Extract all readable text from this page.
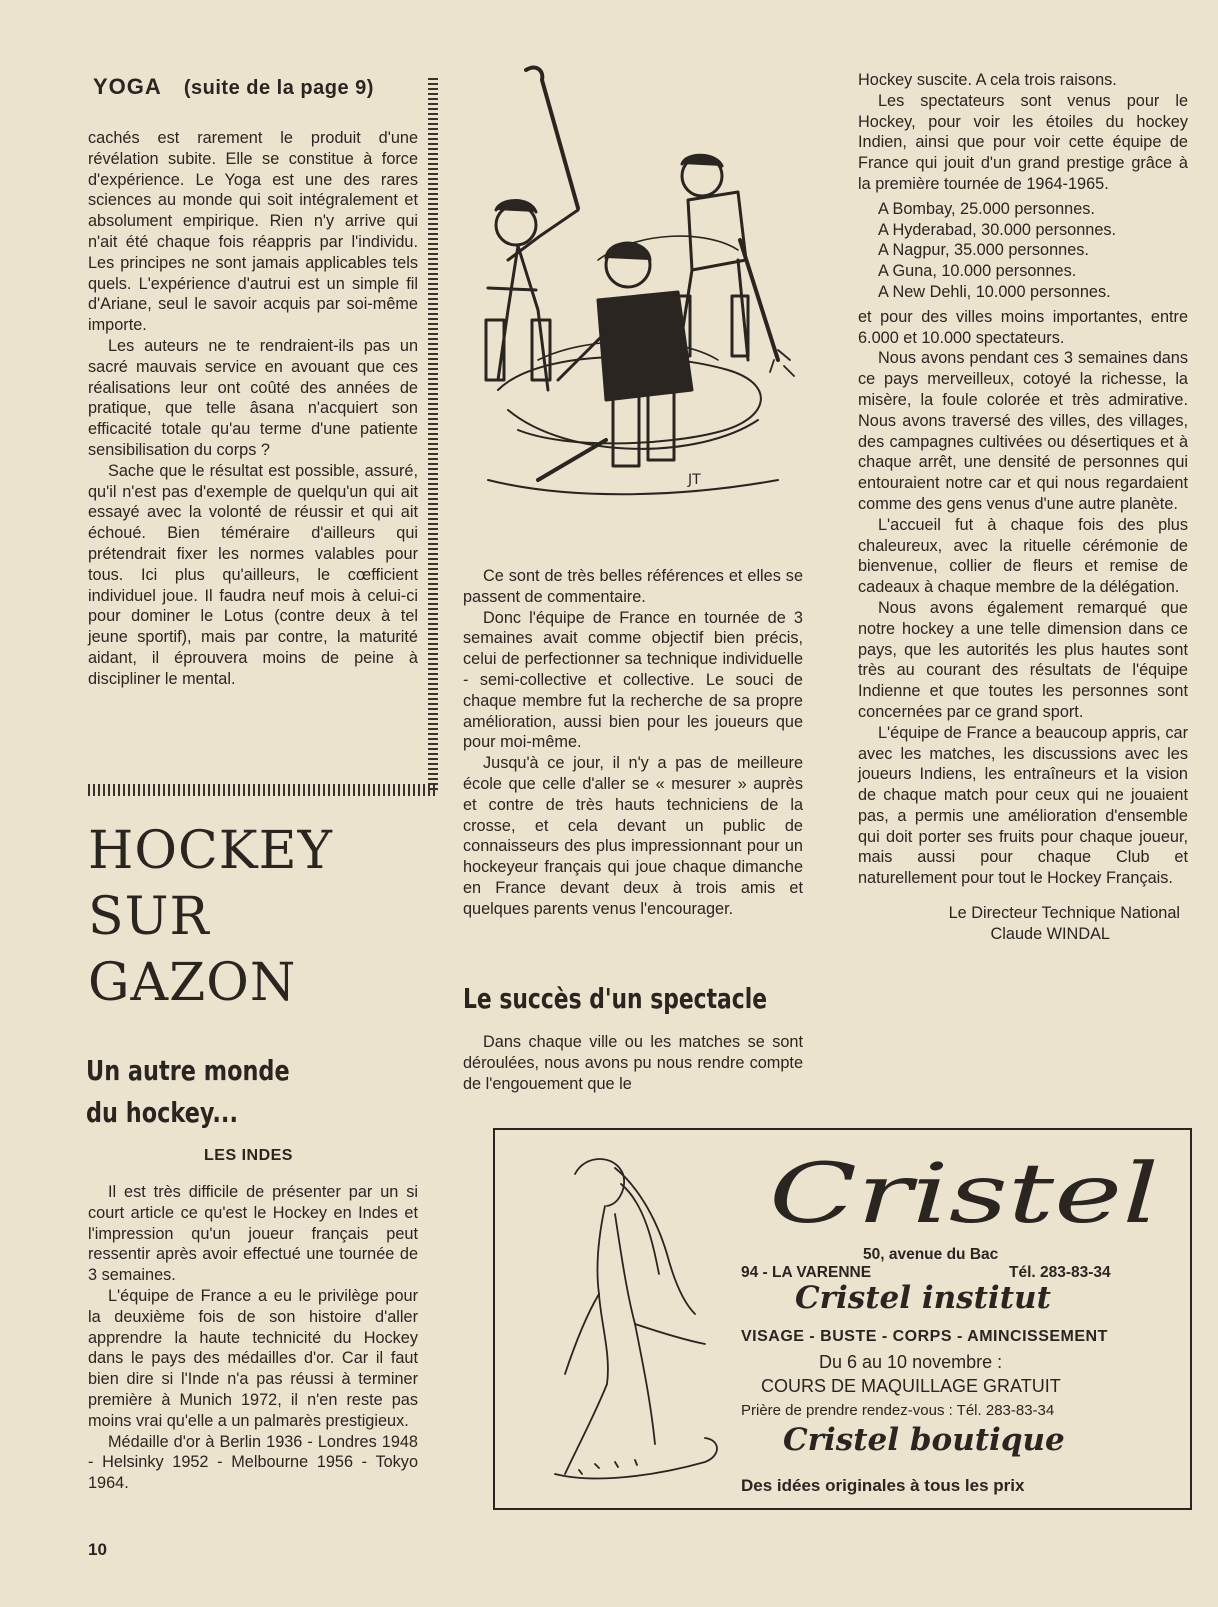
YOGA (suite de la page 9)

cachés est rarement le produit d'une révélation subite. Elle se constitue à force d'expérience. Le Yoga est une des rares sciences au monde qui soit intégralement et absolument empirique. Rien n'y arrive qui n'ait été chaque fois réappris par l'individu. Les principes ne sont jamais applicables tels quels. L'expérience d'autrui est un simple fil d'Ariane, seul le savoir acquis par soi-même importe.

Les auteurs ne te rendraient-ils pas un sacré mauvais service en avouant que ces réalisations leur ont coûté des années de pratique, que telle âsana n'acquiert son efficacité totale qu'au terme d'une patiente sensibilisation du corps ?

Sache que le résultat est possible, assuré, qu'il n'est pas d'exemple de quelqu'un qui ait essayé avec la volonté de réussir et qui ait échoué. Bien téméraire d'ailleurs qui prétendrait fixer les normes valables pour tous. Ici plus qu'ailleurs, le cœfficient individuel joue. Il faudra neuf mois à celui-ci pour dominer le Lotus (contre deux à tel jeune sportif), mais par contre, la maturité aidant, il éprouvera moins de peine à discipliner le mental.

HOCKEY
SUR
GAZON
Un autre monde
du hockey...
LES INDES

Il est très difficile de présenter par un si court article ce qu'est le Hockey en Indes et l'impression qu'un joueur français peut ressentir après avoir effectué une tournée de 3 semaines.

L'équipe de France a eu le privilège pour la deuxième fois de son histoire d'aller apprendre la haute technicité du Hockey dans le pays des médailles d'or. Car il faut bien dire si l'Inde n'a pas réussi à terminer première à Munich 1972, il n'en reste pas moins vrai qu'elle a un palmarès prestigieux.

Médaille d'or à Berlin 1936 - Londres 1948 - Helsinky 1952 - Melbourne 1956 - Tokyo 1964.

JT

Ce sont de très belles références et elles se passent de commentaire.

Donc l'équipe de France en tournée de 3 semaines avait comme objectif bien précis, celui de perfectionner sa technique individuelle - semi-collective et collective. Le souci de chaque membre fut la recherche de sa propre amélioration, aussi bien pour les joueurs que pour moi-même.

Jusqu'à ce jour, il n'y a pas de meilleure école que celle d'aller se « mesurer » auprès et contre de très hauts techniciens de la crosse, et cela devant un public de connaisseurs des plus impressionnant pour un hockeyeur français qui joue chaque dimanche en France devant deux à trois amis et quelques parents venus l'encourager.

Le succès d'un spectacle

Dans chaque ville ou les matches se sont déroulées, nous avons pu nous rendre compte de l'engouement que le

Hockey suscite. A cela trois raisons.

Les spectateurs sont venus pour le Hockey, pour voir les étoiles du hockey Indien, ainsi que pour voir cette équipe de France qui jouit d'un grand prestige grâce à la première tournée de 1964-1965.

A Bombay, 25.000 personnes.
A Hyderabad, 30.000 personnes.
A Nagpur, 35.000 personnes.
A Guna, 10.000 personnes.
A New Dehli, 10.000 personnes.

et pour des villes moins importantes, entre 6.000 et 10.000 spectateurs.

Nous avons pendant ces 3 semaines dans ce pays merveilleux, cotoyé la richesse, la misère, la foule colorée et très admirative. Nous avons traversé des villes, des villages, des campagnes cultivées ou désertiques et à chaque arrêt, une densité de personnes qui entouraient notre car et qui nous regardaient comme des gens venus d'une autre planète.

L'accueil fut à chaque fois des plus chaleureux, avec la rituelle cérémonie de bienvenue, collier de fleurs et remise de cadeaux à chaque membre de la délégation.

Nous avons également remarqué que notre hockey a une telle dimension dans ce pays, que les autorités les plus hautes sont très au courant des résultats de l'équipe Indienne et que toutes les personnes sont concernées par ce grand sport.

L'équipe de France a beaucoup appris, car avec les matches, les discussions avec les joueurs Indiens, les entraîneurs et la vision de chaque match pour ceux qui ne jouaient pas, a permis une amélioration d'ensemble qui doit porter ses fruits pour chaque joueur, mais aussi pour chaque Club et naturellement pour tout le Hockey Français.

Le Directeur Technique National
Claude WINDAL
Cristel
50, avenue du Bac
94 - LA VARENNE	Tél. 283-83-34
Cristel institut
VISAGE - BUSTE - CORPS - AMINCISSEMENT
Du 6 au 10 novembre :
COURS DE MAQUILLAGE GRATUIT
Prière de prendre rendez-vous : Tél. 283-83-34
Cristel boutique
Des idées originales à tous les prix
10
